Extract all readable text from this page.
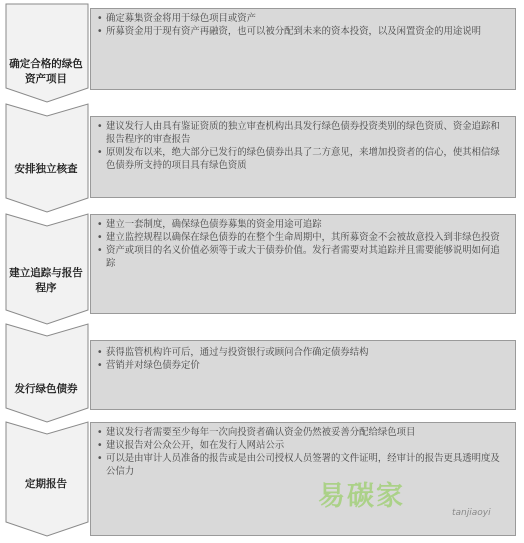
确定合格的绿色资产项目
• 确定募集资金将用于绿色项目或资产
• 所募资金用于现有资产再融资，也可以被分配到未来的资本投资，以及闲置资金的用途说明
安排独立核查
• 建议发行人由具有鉴证资质的独立审查机构出具发行绿色债券投资类别的绿色资质、资金追踪和报告程序的审查报告
• 原则发布以来，绝大部分已发行的绿色债券出具了二方意见，来增加投资者的信心，使其相信绿色债券所支持的项目具有绿色资质
建立追踪与报告程序
• 建立一套制度，确保绿色债券募集的资金用途可追踪
• 建立监控规程以确保在绿色债券的在整个生命周期中，其所募资金不会被故意投入到非绿色投资
• 资产或项目的名义价值必须等于或大于债券价值。发行者需要对其追踪并且需要能够说明如何追踪
发行绿色债券
• 获得监管机构许可后，通过与投资银行或顾问合作确定债券结构
• 营销并对绿色债券定价
定期报告
• 建议发行者需要至少每年一次向投资者确认资金仍然被妥善分配给绿色项目
• 建议报告对公众公开，如在发行人网站公示
• 可以是由审计人员准备的报告或是由公司授权人员签署的文件证明，经审计的报告更具透明度及公信力
易碳家
tanjiaoyi
